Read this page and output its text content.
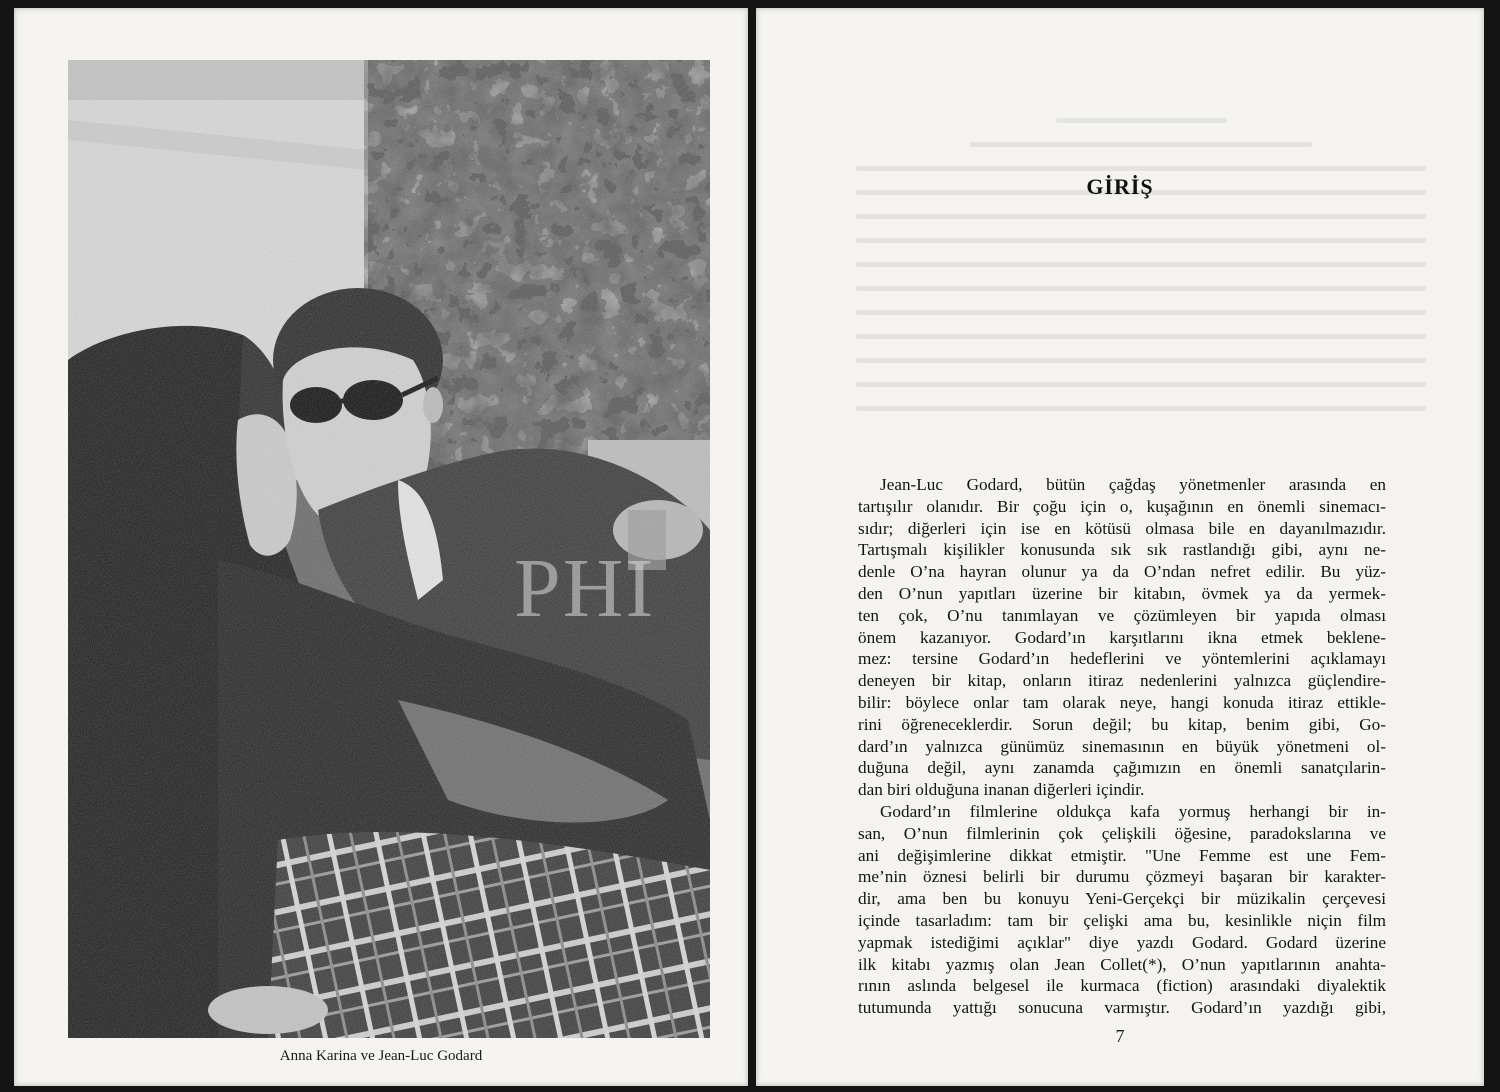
PHI
Anna Karina ve Jean-Luc Godard
GİRİŞ
Jean-Luc Godard, bütün çağdaş yönetmenler arasında en
tartışılır olanıdır. Bir çoğu için o, kuşağının en önemli sinemacı-
sıdır; diğerleri için ise en kötüsü olmasa bile en dayanılmazıdır.
Tartışmalı kişilikler konusunda sık sık rastlandığı gibi, aynı ne-
denle O’na hayran olunur ya da O’ndan nefret edilir. Bu yüz-
den O’nun yapıtları üzerine bir kitabın, övmek ya da yermek-
ten çok, O’nu tanımlayan ve çözümleyen bir yapıda olması
önem kazanıyor. Godard’ın karşıtlarını ikna etmek beklene-
mez: tersine Godard’ın hedeflerini ve yöntemlerini açıklamayı
deneyen bir kitap, onların itiraz nedenlerini yalnızca güçlendire-
bilir: böylece onlar tam olarak neye, hangi konuda itiraz ettikle-
rini öğreneceklerdir. Sorun değil; bu kitap, benim gibi, Go-
dard’ın yalnızca günümüz sinemasının en büyük yönetmeni ol-
duğuna değil, aynı zanamda çağımızın en önemli sanatçılarin-
dan biri olduğuna inanan diğerleri içindir.
Godard’ın filmlerine oldukça kafa yormuş herhangi bir in-
san, O’nun filmlerinin çok çelişkili öğesine, paradokslarına ve
ani değişimlerine dikkat etmiştir. "Une Femme est une Fem-
me’nin öznesi belirli bir durumu çözmeyi başaran bir karakter-
dir, ama ben bu konuyu Yeni-Gerçekçi bir müzikalin çerçevesi
içinde tasarladım: tam bir çelişki ama bu, kesinlikle niçin film
yapmak istediğimi açıklar" diye yazdı Godard. Godard üzerine
ilk kitabı yazmış olan Jean Collet(*), O’nun yapıtlarının anahta-
rının aslında belgesel ile kurmaca (fiction) arasındaki diyalektik
tutumunda yattığı sonucuna varmıştır. Godard’ın yazdığı gibi,
7
